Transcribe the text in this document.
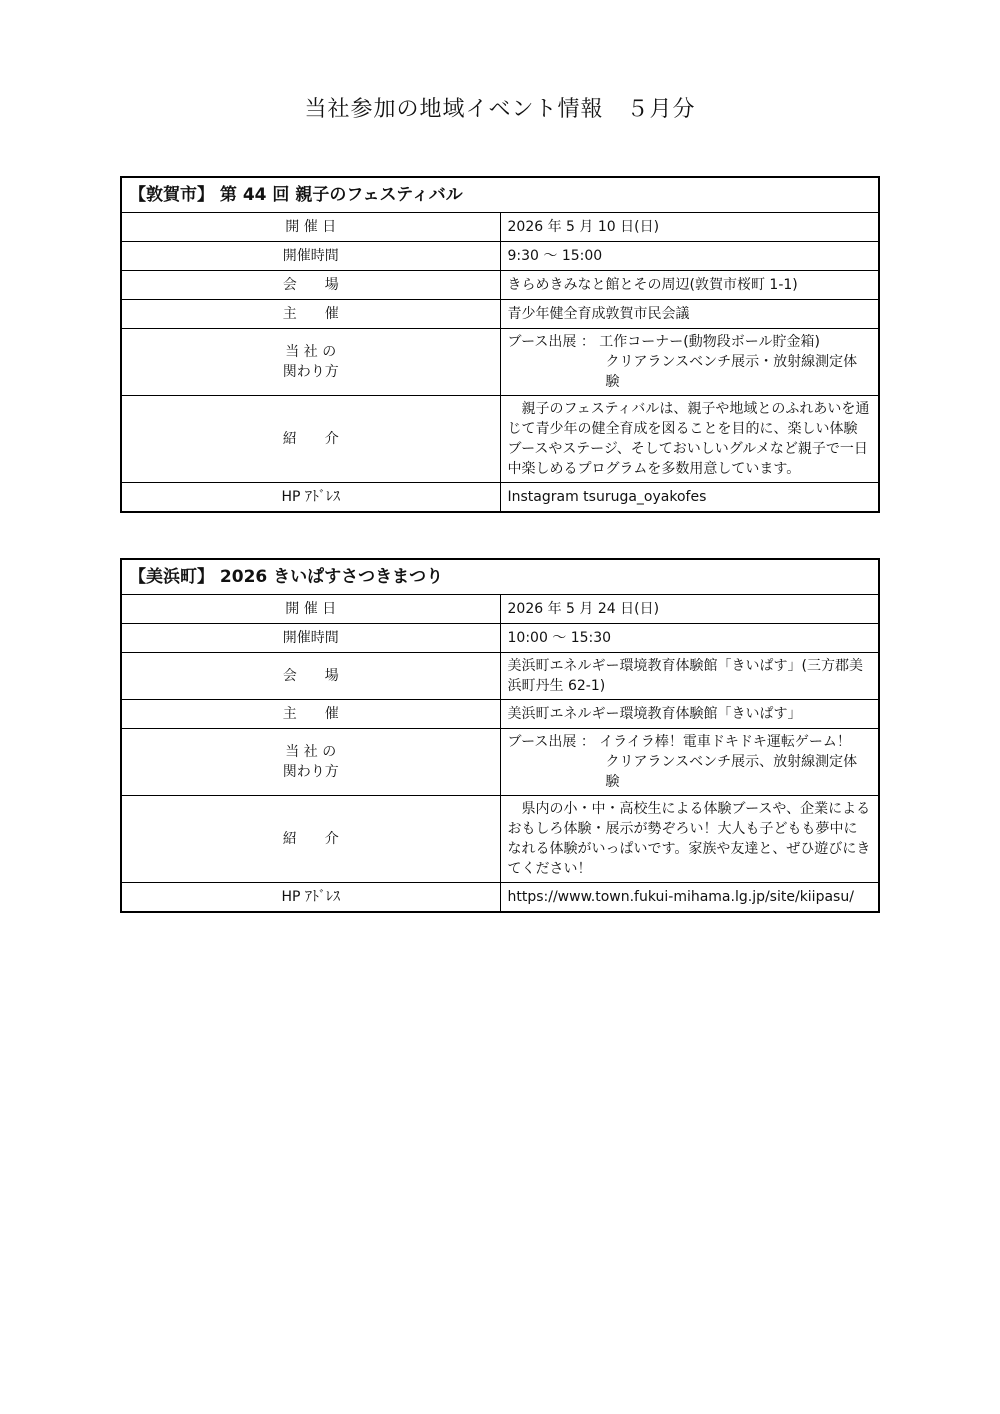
当社参加の地域イベント情報　５月分
【敦賀市】 第 44 回 親子のフェスティバル	
開 催 日	2026 年 5 月 10 日(日)
開催時間	9:30 ～ 15:00
会　　場	きらめきみなと館とその周辺(敦賀市桜町 1-1)
主　　催	青少年健全育成敦賀市民会議

当 社 の
関わり方	ブース出展 ： 工作コーナー(動物段ボール貯金箱)
クリアランスベンチ展示・放射線測定体験

紹　　介	親子のフェスティバルは、親子や地域とのふれあいを通じて青少年の健全育成を図ることを目的に、楽しい体験ブースやステージ、そしておいしいグルメなど親子で一日中楽しめるプログラムを多数用意しています。

HP ｱﾄﾞﾚｽ	Instagram tsuruga_oyakofes
【美浜町】 2026 きいぱすさつきまつり	
開 催 日	2026 年 5 月 24 日(日)
開催時間	10:00 ～ 15:30
会　　場	美浜町エネルギー環境教育体験館「きいぱす」(三方郡美浜町丹生 62-1)
主　　催	美浜町エネルギー環境教育体験館「きいぱす」

当 社 の
関わり方	ブース出展 ： イライラ棒！電車ドキドキ運転ゲーム！
クリアランスベンチ展示、放射線測定体験

紹　　介	県内の小・中・高校生による体験ブースや、企業によるおもしろ体験・展示が勢ぞろい！大人も子どもも夢中になれる体験がいっぱいです。家族や友達と、ぜひ遊びにきてください！

HP ｱﾄﾞﾚｽ	https://www.town.fukui-mihama.lg.jp/site/kiipasu/
